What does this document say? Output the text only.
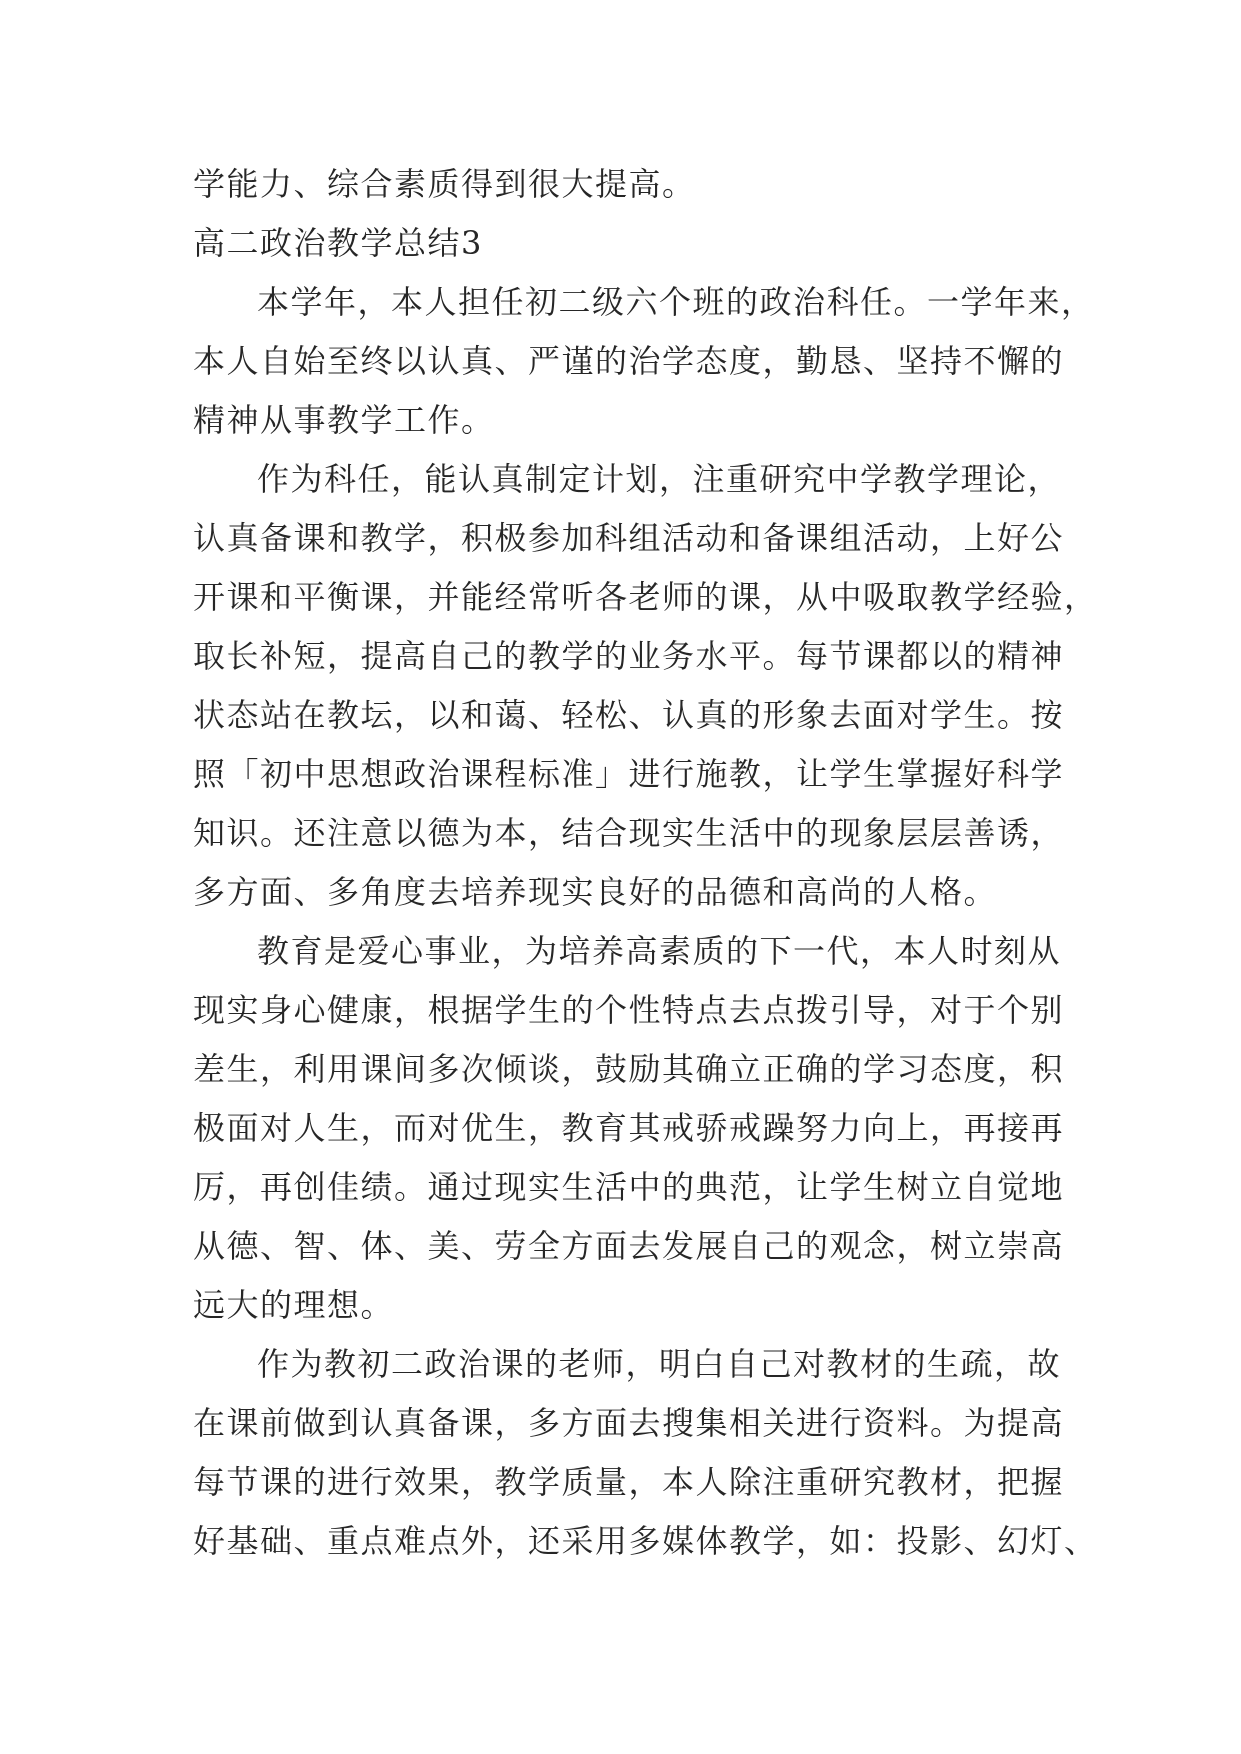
学能力、综合素质得到很大提高。
高二政治教学总结3
本学年，本人担任初二级六个班的政治科任。一学年来，
本人自始至终以认真、严谨的治学态度，勤恳、坚持不懈的
精神从事教学工作。
作为科任，能认真制定计划，注重研究中学教学理论，
认真备课和教学，积极参加科组活动和备课组活动，上好公
开课和平衡课，并能经常听各老师的课，从中吸取教学经验，
取长补短，提高自己的教学的业务水平。每节课都以的精神
状态站在教坛，以和蔼、轻松、认真的形象去面对学生。按
照「初中思想政治课程标准」进行施教，让学生掌握好科学
知识。还注意以德为本，结合现实生活中的现象层层善诱，
多方面、多角度去培养现实良好的品德和高尚的人格。
教育是爱心事业，为培养高素质的下一代，本人时刻从
现实身心健康，根据学生的个性特点去点拨引导，对于个别
差生，利用课间多次倾谈，鼓励其确立正确的学习态度，积
极面对人生，而对优生，教育其戒骄戒躁努力向上，再接再
厉，再创佳绩。通过现实生活中的典范，让学生树立自觉地
从德、智、体、美、劳全方面去发展自己的观念，树立崇高
远大的理想。
作为教初二政治课的老师，明白自己对教材的生疏，故
在课前做到认真备课，多方面去搜集相关进行资料。为提高
每节课的进行效果，教学质量，本人除注重研究教材，把握
好基础、重点难点外，还采用多媒体教学，如：投影、幻灯、
